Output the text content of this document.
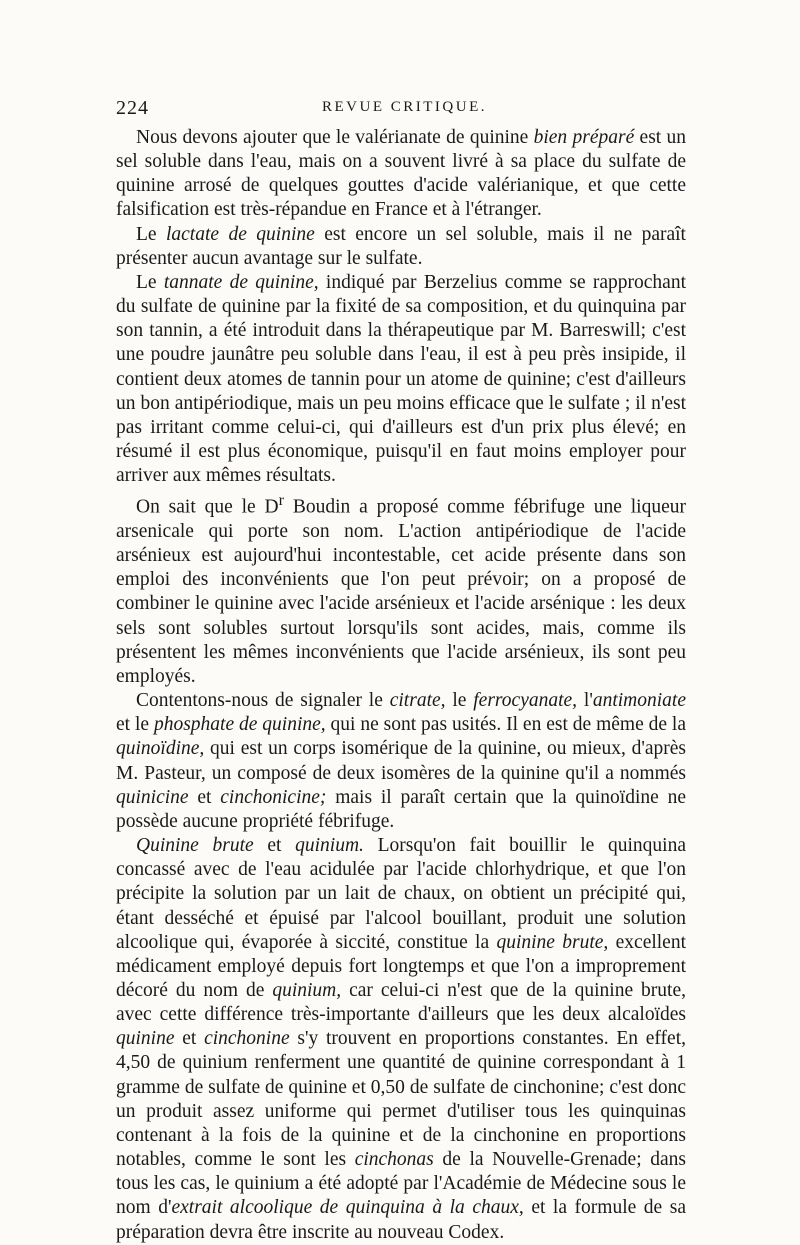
224	REVUE CRITIQUE.

Nous devons ajouter que le valérianate de quinine bien préparé est un sel soluble dans l'eau, mais on a souvent livré à sa place du sulfate de quinine arrosé de quelques gouttes d'acide valérianique, et que cette falsification est très-répandue en France et à l'étranger.

Le lactate de quinine est encore un sel soluble, mais il ne paraît présenter aucun avantage sur le sulfate.

Le tannate de quinine, indiqué par Berzelius comme se rapprochant du sulfate de quinine par la fixité de sa composition, et du quinquina par son tannin, a été introduit dans la thérapeutique par M. Barreswill; c'est une poudre jaunâtre peu soluble dans l'eau, il est à peu près insipide, il contient deux atomes de tannin pour un atome de quinine; c'est d'ailleurs un bon antipériodique, mais un peu moins efficace que le sulfate ; il n'est pas irritant comme celui-ci, qui d'ailleurs est d'un prix plus élevé; en résumé il est plus économique, puisqu'il en faut moins employer pour arriver aux mêmes résultats.

On sait que le $D^r$ Boudin a proposé comme fébrifuge une liqueur arsenicale qui porte son nom. L'action antipériodique de l'acide arsénieux est aujourd'hui incontestable, cet acide présente dans son emploi des inconvénients que l'on peut prévoir; on a proposé de combiner le quinine avec l'acide arsénieux et l'acide arsénique : les deux sels sont solubles surtout lorsqu'ils sont acides, mais, comme ils présentent les mêmes inconvénients que l'acide arsénieux, ils sont peu employés.

Contentons-nous de signaler le citrate, le ferrocyanate, l'antimoniate et le phosphate de quinine, qui ne sont pas usités. Il en est de même de la quinoïdine, qui est un corps isomérique de la quinine, ou mieux, d'après M. Pasteur, un composé de deux isomères de la quinine qu'il a nommés quinicine et cinchonicine; mais il paraît certain que la quinoïdine ne possède aucune propriété fébrifuge.

Quinine brute et quinium. Lorsqu'on fait bouillir le quinquina concassé avec de l'eau acidulée par l'acide chlorhydrique, et que l'on précipite la solution par un lait de chaux, on obtient un précipité qui, étant desséché et épuisé par l'alcool bouillant, produit une solution alcoolique qui, évaporée à siccité, constitue la quinine brute, excellent médicament employé depuis fort longtemps et que l'on a improprement décoré du nom de quinium, car celui-ci n'est que de la quinine brute, avec cette différence très-importante d'ailleurs que les deux alcaloïdes quinine et cinchonine s'y trouvent en proportions constantes. En effet, 4,50 de quinium renferment une quantité de quinine correspondant à 1 gramme de sulfate de quinine et 0,50 de sulfate de cinchonine; c'est donc un produit assez uniforme qui permet d'utiliser tous les quinquinas contenant à la fois de la quinine et de la cinchonine en proportions notables, comme le sont les cinchonas de la Nouvelle-Grenade; dans tous les cas, le quinium a été adopté par l'Académie de Médecine sous le nom d'extrait alcoolique de quinquina à la chaux, et la formule de sa préparation devra être inscrite au nouveau Codex.
